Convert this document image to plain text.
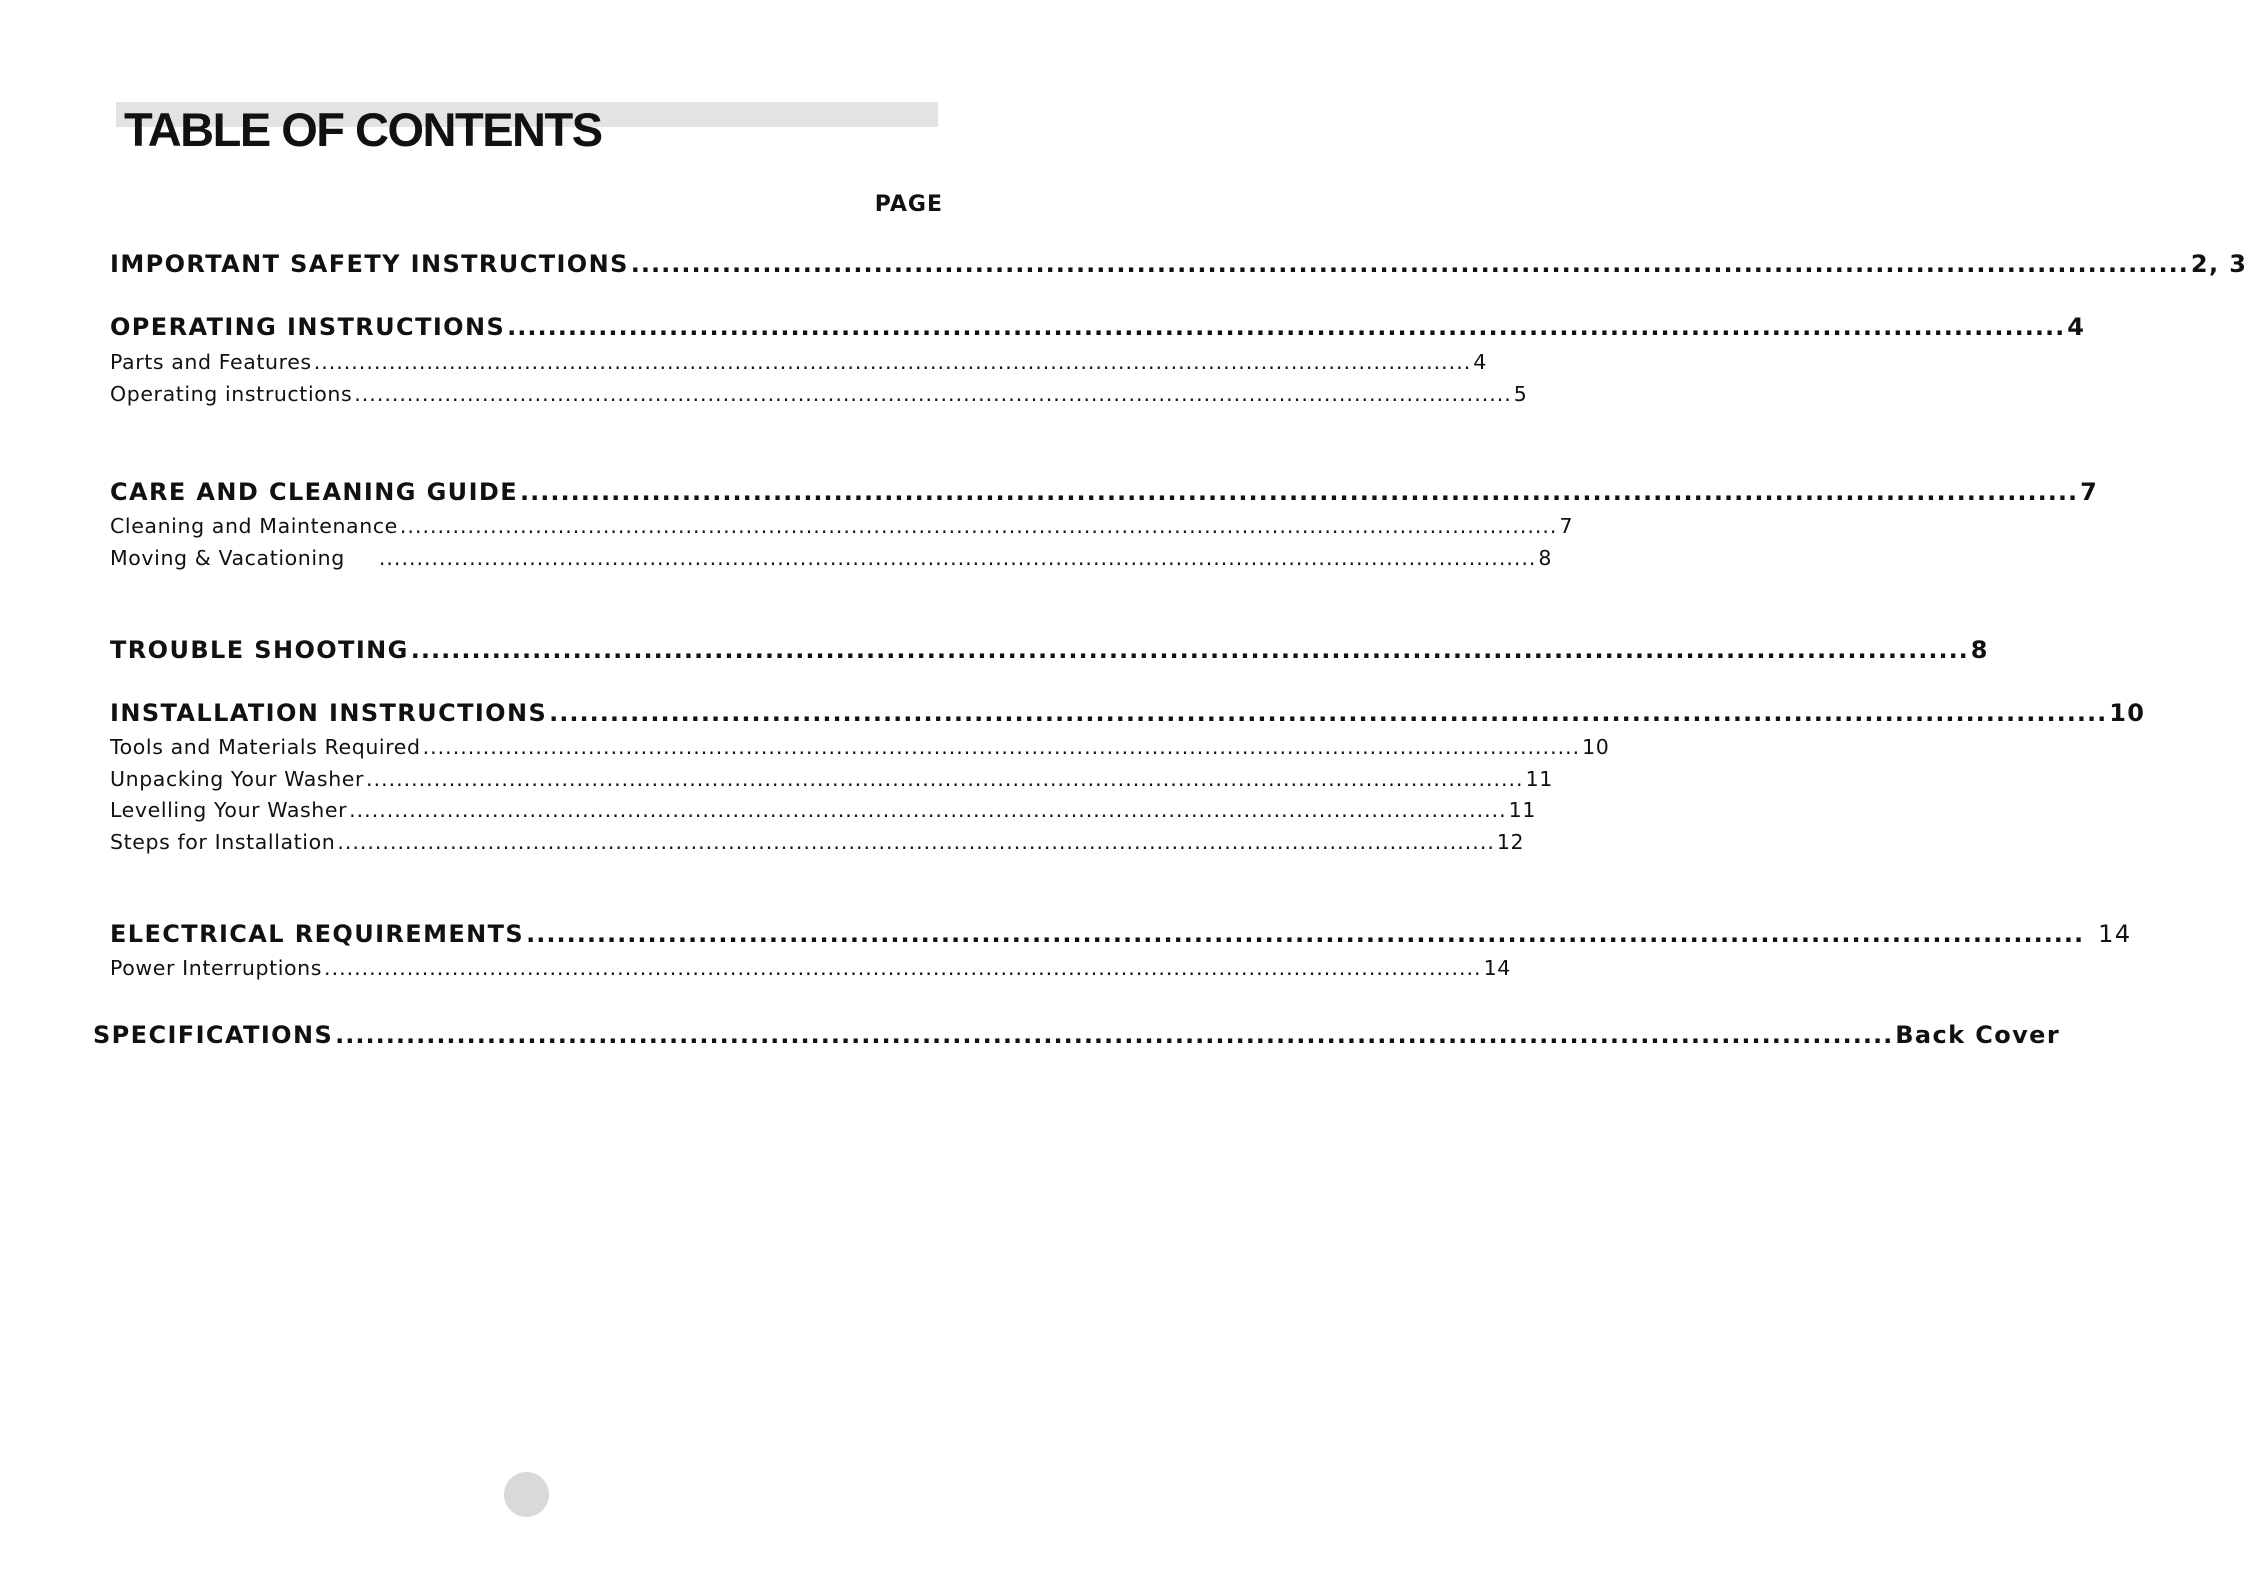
TABLE OF CONTENTS
PAGE
IMPORTANT SAFETY INSTRUCTIONS .......................................................................................................................................................... 2, 3
OPERATING INSTRUCTIONS .......................................................................................................................................................... 4
Parts and Features .......................................................................................................................................................... 4
Operating instructions .......................................................................................................................................................... 5
CARE AND CLEANING GUIDE .......................................................................................................................................................... 7
Cleaning and Maintenance .......................................................................................................................................................... 7
Moving & Vacationing .......................................................................................................................................................... 8
TROUBLE SHOOTING .......................................................................................................................................................... 8
INSTALLATION INSTRUCTIONS .......................................................................................................................................................... 10
Tools and Materials Required .......................................................................................................................................................... 10
Unpacking Your Washer .......................................................................................................................................................... 11
Levelling Your Washer .......................................................................................................................................................... 11
Steps for Installation .......................................................................................................................................................... 12
ELECTRICAL REQUIREMENTS .......................................................................................................................................................... 14
Power Interruptions .......................................................................................................................................................... 14
SPECIFICATIONS .......................................................................................................................................................... Back Cover
